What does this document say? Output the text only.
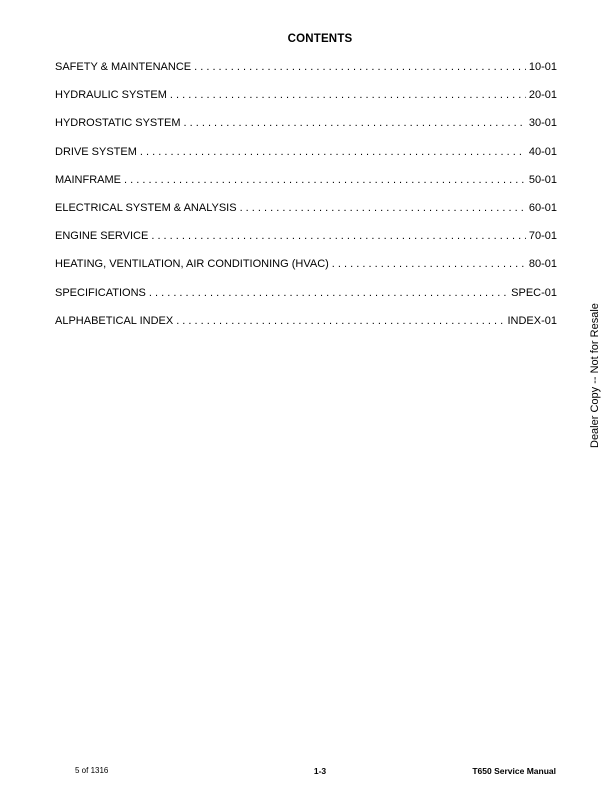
CONTENTS
SAFETY & MAINTENANCE . . .	10-01
HYDRAULIC SYSTEM . . .	20-01
HYDROSTATIC SYSTEM . . .	30-01
DRIVE SYSTEM . . .	40-01
MAINFRAME . . .	50-01
ELECTRICAL SYSTEM & ANALYSIS . . .	60-01
ENGINE SERVICE . . .	70-01
HEATING, VENTILATION, AIR CONDITIONING (HVAC) . . .	80-01
SPECIFICATIONS . . .	SPEC-01
ALPHABETICAL INDEX . . .	INDEX-01	Dealer Copy -- Not for Resale
5 of 1316	1-3	T650 Service Manual
